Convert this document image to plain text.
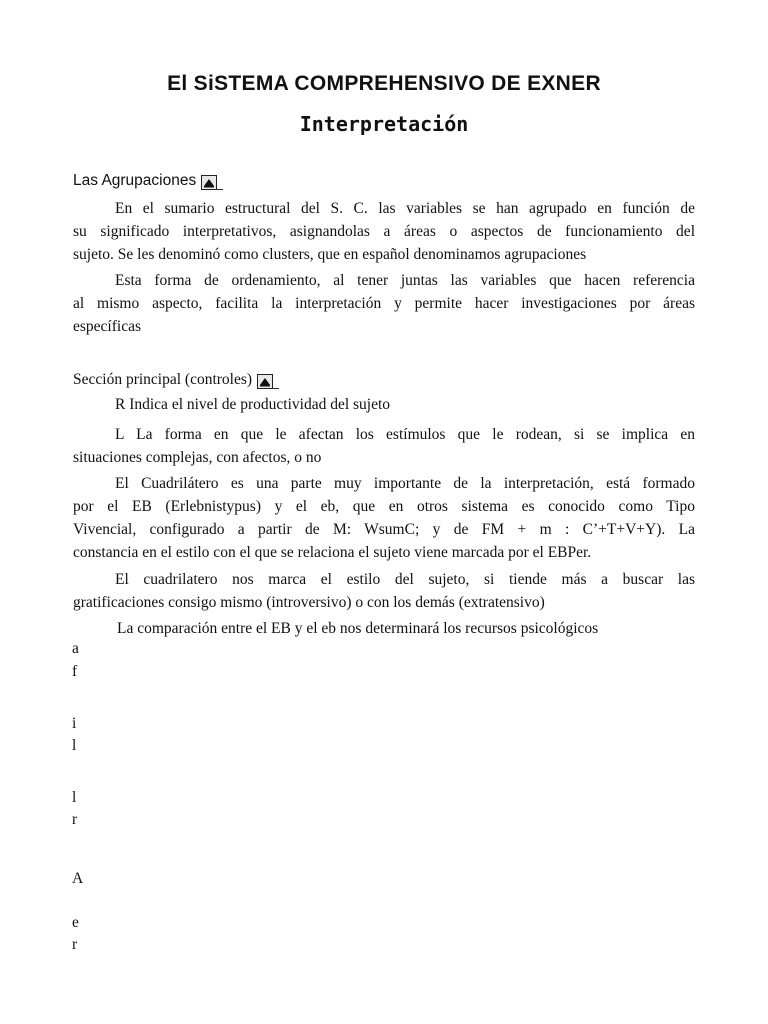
El SiSTEMA COMPREHENSIVO DE EXNER
Interpretación
Las Agrupaciones
En el sumario estructural del S. C. las variables se han agrupado en función de
su significado interpretativos, asignandolas a áreas o aspectos de funcionamiento del
sujeto. Se les denominó como clusters, que en español denominamos agrupaciones
Esta forma de ordenamiento, al tener juntas las variables que hacen referencia
al mismo aspecto, facilita la interpretación y permite hacer investigaciones por áreas
específicas
Sección principal (controles)
R Indica el nivel de productividad del sujeto
L La forma en que le afectan los estímulos que le rodean, si se implica en
situaciones complejas, con afectos, o no
El Cuadrilátero es una parte muy importante de la interpretación, está formado
por el EB (Erlebnistypus) y el eb, que en otros sistema es conocido como Tipo
Vivencial, configurado a partir de M: WsumC; y de FM + m : C’+T+V+Y). La
constancia en el estilo con el que se relaciona el sujeto viene marcada por el EBPer.
El cuadrilatero nos marca el estilo del sujeto, si tiende más a buscar las
gratificaciones consigo mismo (introversivo) o con los demás (extratensivo)
La comparación entre el EB y el eb nos determinará los recursos psicológicos
a
f
i
l
l
r
A
e
r
